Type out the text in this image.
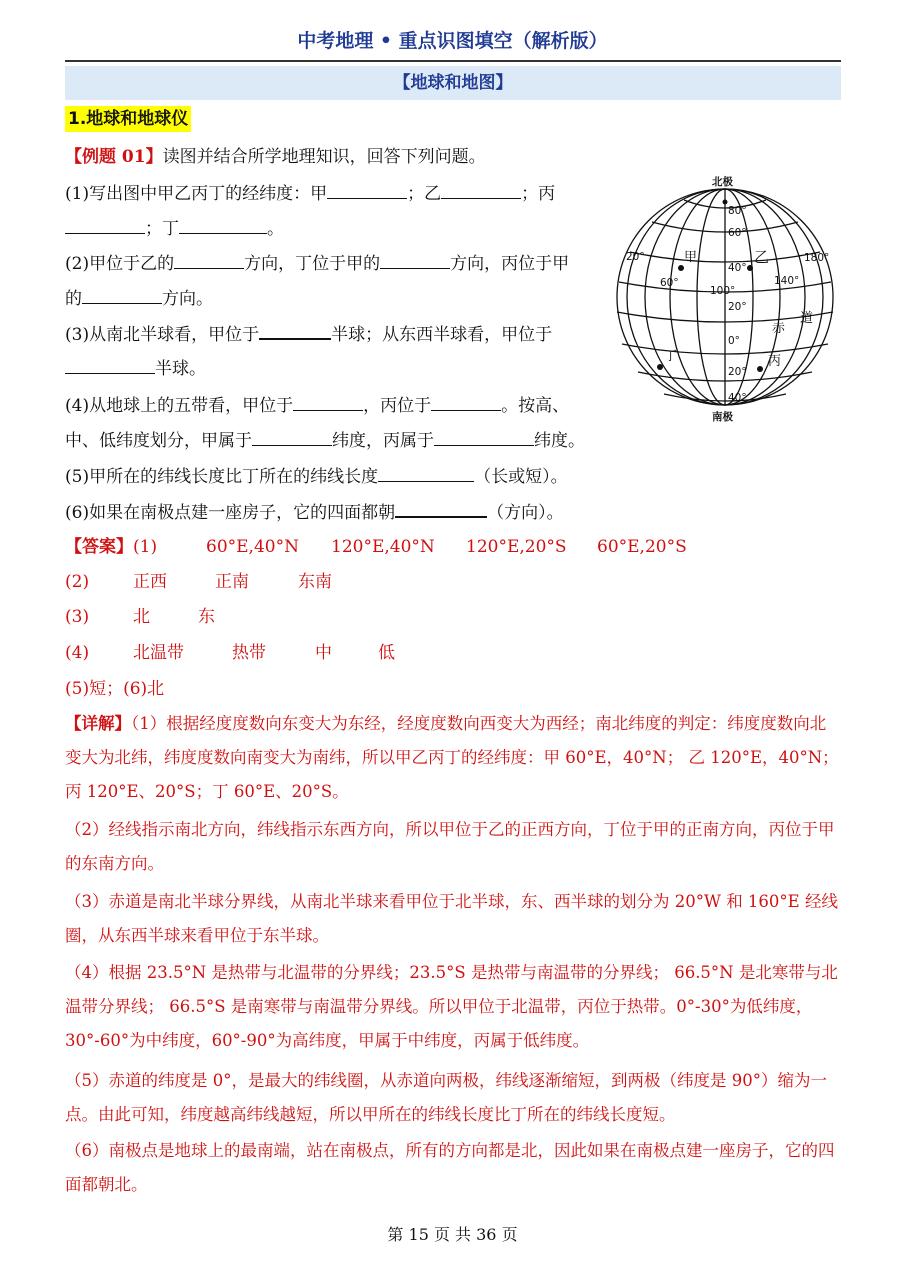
中考地理 • 重点识图填空（解析版）
【地球和地图】
1.地球和地球仪
【例题 01】读图并结合所学地理知识，回答下列问题。
(1)写出图中甲乙丙丁的经纬度：甲	；乙	；丙
；丁	。
(2)甲位于乙的	方向，丁位于甲的	方向，丙位于甲
的	方向。
(3)从南北半球看，甲位于	半球；从东西半球看，甲位于
半球。
(4)从地球上的五带看，甲位于	，丙位于	。按高、
中、低纬度划分，甲属于	纬度，丙属于	纬度。
(5)甲所在的纬线长度比丁所在的纬线长度	（长或短）。
(6)如果在南极点建一座房子，它的四面都朝	（方向）。
北极
南极
80°
60°
40°
20°
0°
20°
40°
20°
60°
100°
140°
180°
甲	乙
丙
丁
赤
道
【答案】(1)	60°E,40°N 120°E,40°N 120°E,20°S 60°E,20°S
(2)	正西	正南	东南
(3)	北	东
(4)	北温带	热带	中	低
(5)短；(6)北
【详解】（1）根据经度度数向东变大为东经，经度度数向西变大为西经；南北纬度的判定：纬度度数向北变大为北纬，纬度度数向南变大为南纬，所以甲乙丙丁的经纬度：甲 60°E，40°N； 乙 120°E，40°N；丙 120°E、20°S；丁 60°E、20°S。
（2）经线指示南北方向，纬线指示东西方向，所以甲位于乙的正西方向，丁位于甲的正南方向，丙位于甲的东南方向。
（3）赤道是南北半球分界线，从南北半球来看甲位于北半球，东、西半球的划分为 20°W 和 160°E 经线圈，从东西半球来看甲位于东半球。
（4）根据 23.5°N 是热带与北温带的分界线；23.5°S 是热带与南温带的分界线； 66.5°N 是北寒带与北温带分界线； 66.5°S 是南寒带与南温带分界线。所以甲位于北温带，丙位于热带。0°-30°为低纬度，30°-60°为中纬度，60°-90°为高纬度，甲属于中纬度，丙属于低纬度。
（5）赤道的纬度是 0°，是最大的纬线圈，从赤道向两极，纬线逐渐缩短，到两极（纬度是 90°）缩为一点。由此可知，纬度越高纬线越短，所以甲所在的纬线长度比丁所在的纬线长度短。
（6）南极点是地球上的最南端，站在南极点，所有的方向都是北，因此如果在南极点建一座房子，它的四面都朝北。
第 15 页 共 36 页
